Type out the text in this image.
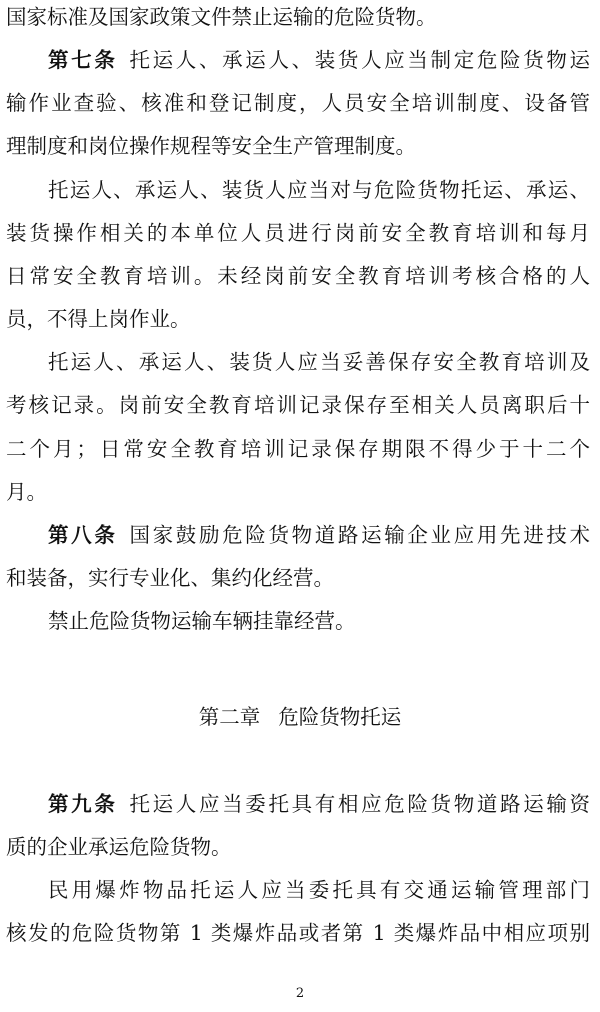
国家标准及国家政策文件禁止运输的危险货物。
第七条 托运人、承运人、装货人应当制定危险货物运
输作业查验、核准和登记制度，人员安全培训制度、设备管
理制度和岗位操作规程等安全生产管理制度。
托运人、承运人、装货人应当对与危险货物托运、承运、
装货操作相关的本单位人员进行岗前安全教育培训和每月
日常安全教育培训。未经岗前安全教育培训考核合格的人
员，不得上岗作业。
托运人、承运人、装货人应当妥善保存安全教育培训及
考核记录。岗前安全教育培训记录保存至相关人员离职后十
二个月；日常安全教育培训记录保存期限不得少于十二个
月。
第八条 国家鼓励危险货物道路运输企业应用先进技术
和装备，实行专业化、集约化经营。
禁止危险货物运输车辆挂靠经营。
第二章 危险货物托运
第九条 托运人应当委托具有相应危险货物道路运输资
质的企业承运危险货物。
民用爆炸物品托运人应当委托具有交通运输管理部门
核发的危险货物第 1 类爆炸品或者第 1 类爆炸品中相应项别
2
